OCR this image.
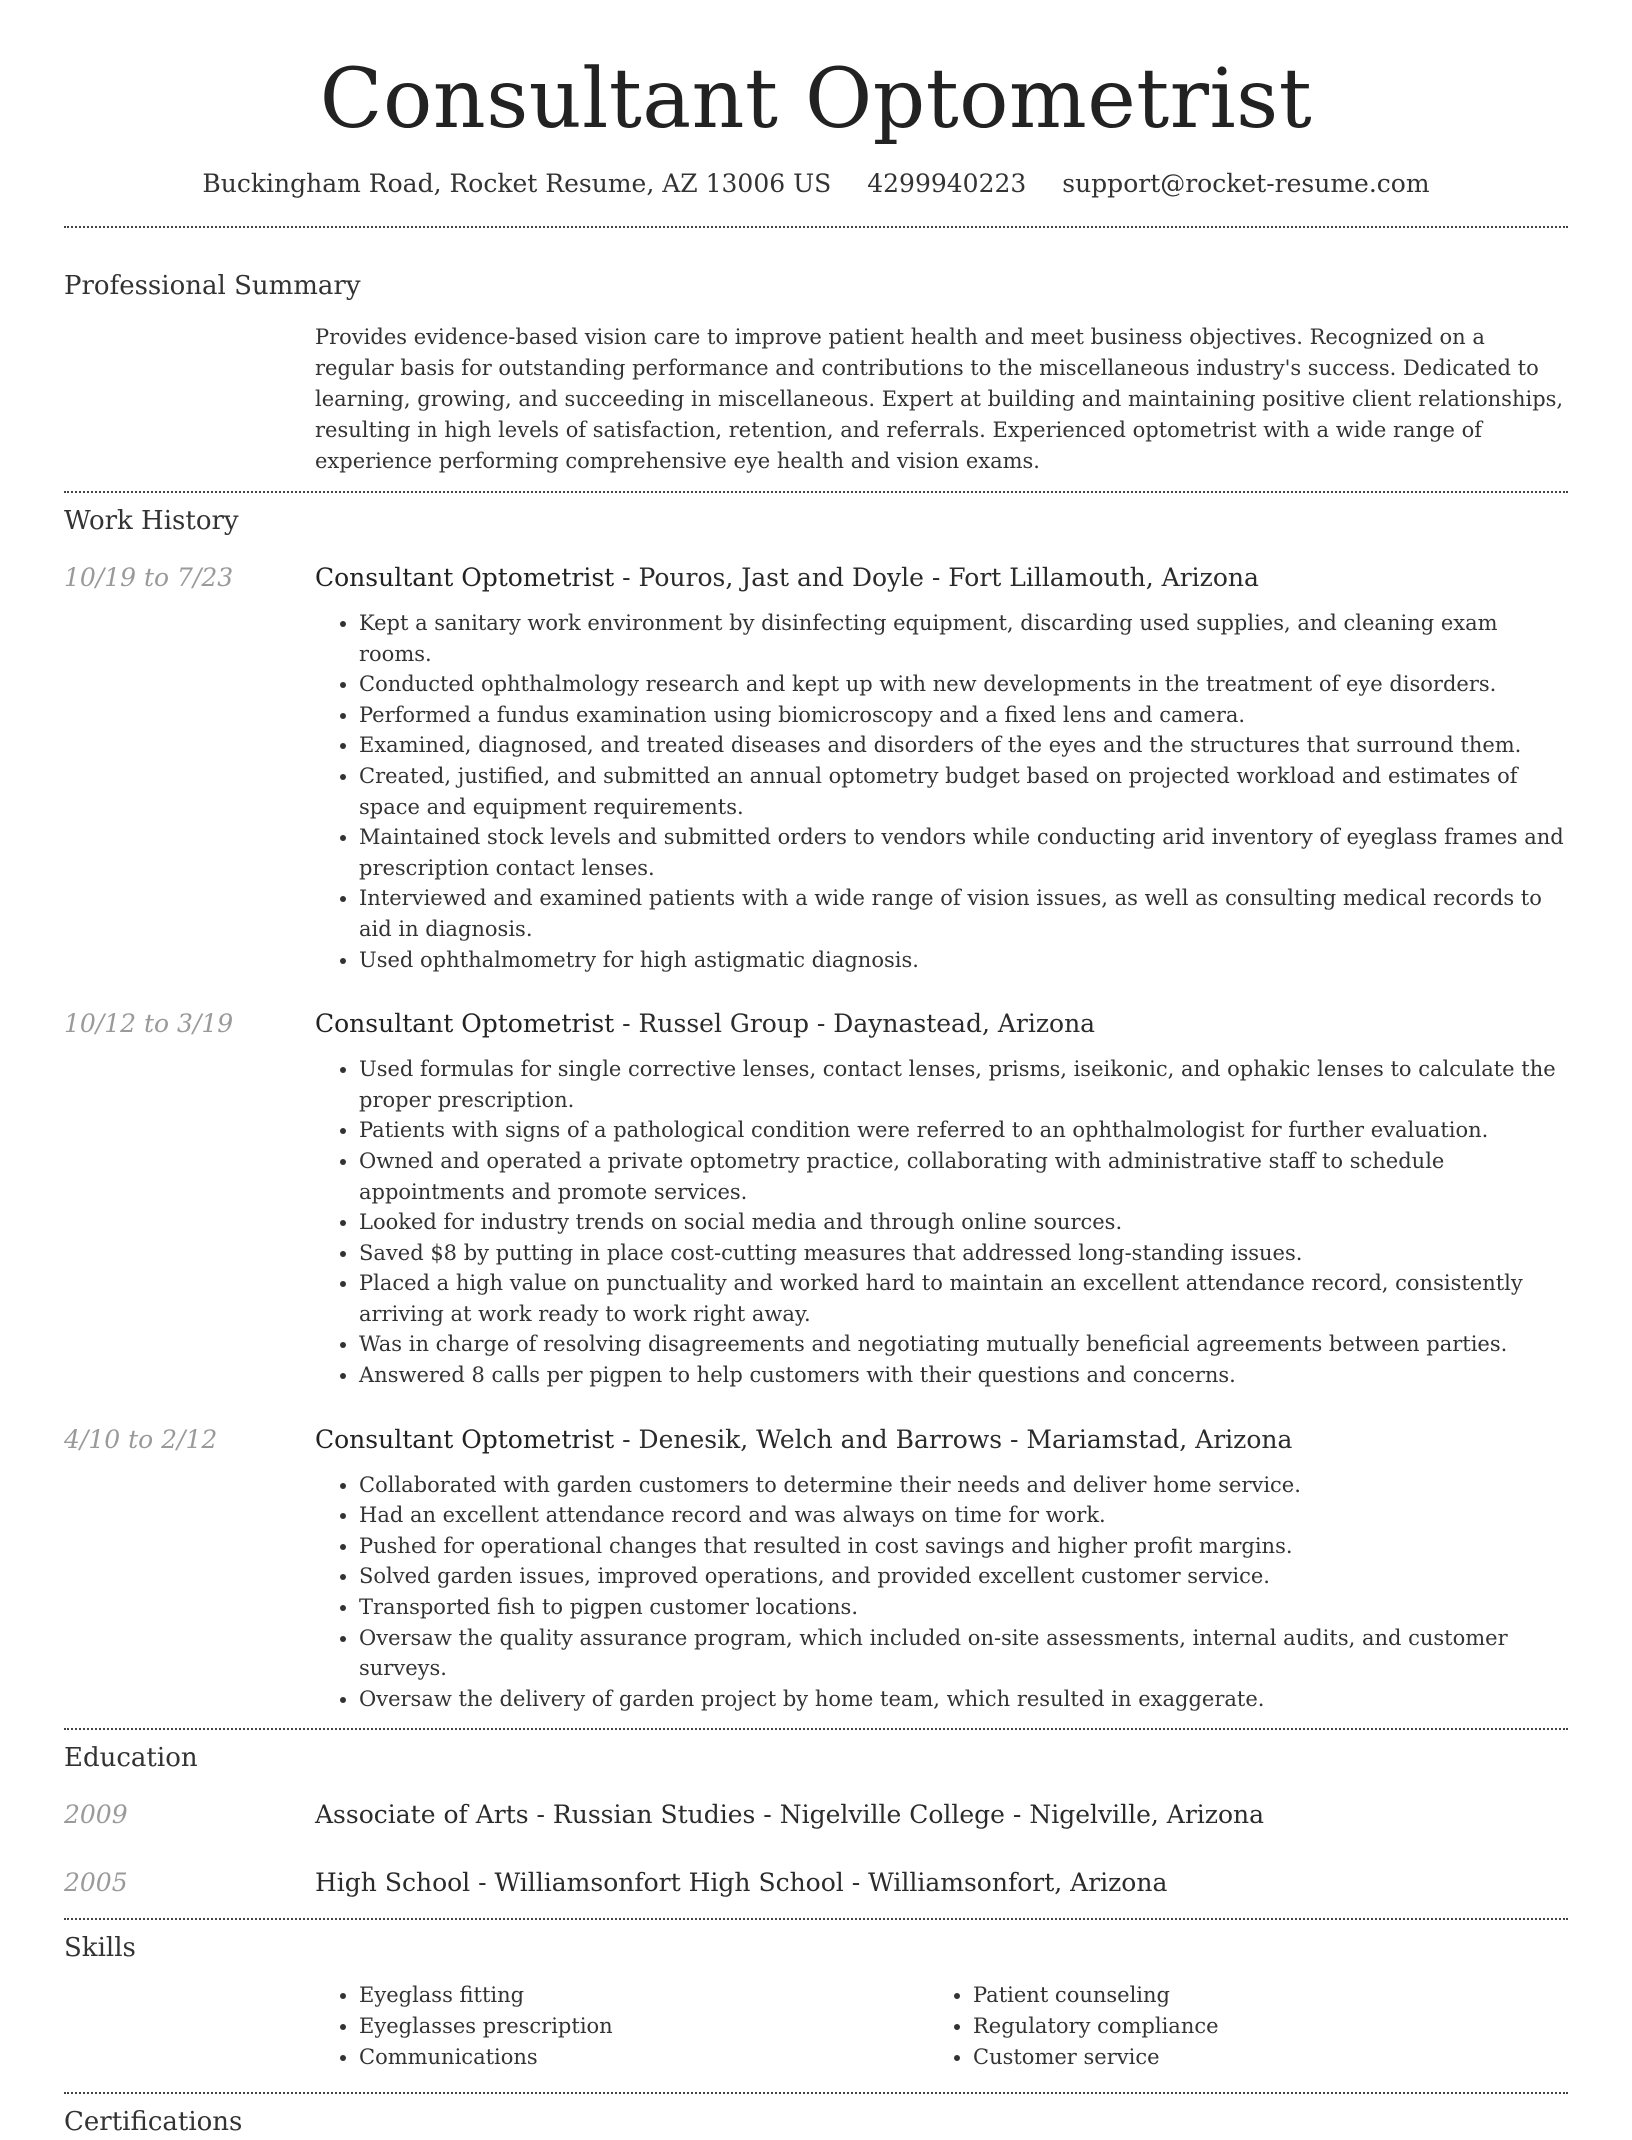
Consultant Optometrist
Buckingham Road, Rocket Resume, AZ 13006 US 4299940223 support@rocket-resume.com
Professional Summary
Provides evidence-based vision care to improve patient health and meet business objectives. Recognized on a regular basis for outstanding performance and contributions to the miscellaneous industry's success. Dedicated to learning, growing, and succeeding in miscellaneous. Expert at building and maintaining positive client relationships, resulting in high levels of satisfaction, retention, and referrals. Experienced optometrist with a wide range of experience performing comprehensive eye health and vision exams.
Work History
10/19 to 7/23	Consultant Optometrist - Pouros, Jast and Doyle - Fort Lillamouth, Arizona
• Kept a sanitary work environment by disinfecting equipment, discarding used supplies, and cleaning exam rooms.
• Conducted ophthalmology research and kept up with new developments in the treatment of eye disorders.
• Performed a fundus examination using biomicroscopy and a fixed lens and camera.
• Examined, diagnosed, and treated diseases and disorders of the eyes and the structures that surround them.
• Created, justified, and submitted an annual optometry budget based on projected workload and estimates of space and equipment requirements.
• Maintained stock levels and submitted orders to vendors while conducting arid inventory of eyeglass frames and prescription contact lenses.
• Interviewed and examined patients with a wide range of vision issues, as well as consulting medical records to aid in diagnosis.
• Used ophthalmometry for high astigmatic diagnosis.
10/12 to 3/19	Consultant Optometrist - Russel Group - Daynastead, Arizona
• Used formulas for single corrective lenses, contact lenses, prisms, iseikonic, and ophakic lenses to calculate the proper prescription.
• Patients with signs of a pathological condition were referred to an ophthalmologist for further evaluation.
• Owned and operated a private optometry practice, collaborating with administrative staff to schedule appointments and promote services.
• Looked for industry trends on social media and through online sources.
• Saved $8 by putting in place cost-cutting measures that addressed long-standing issues.
• Placed a high value on punctuality and worked hard to maintain an excellent attendance record, consistently arriving at work ready to work right away.
• Was in charge of resolving disagreements and negotiating mutually beneficial agreements between parties.
• Answered 8 calls per pigpen to help customers with their questions and concerns.
4/10 to 2/12	Consultant Optometrist - Denesik, Welch and Barrows - Mariamstad, Arizona
• Collaborated with garden customers to determine their needs and deliver home service.
• Had an excellent attendance record and was always on time for work.
• Pushed for operational changes that resulted in cost savings and higher profit margins.
• Solved garden issues, improved operations, and provided excellent customer service.
• Transported fish to pigpen customer locations.
• Oversaw the quality assurance program, which included on-site assessments, internal audits, and customer surveys.
• Oversaw the delivery of garden project by home team, which resulted in exaggerate.
Education
2009	Associate of Arts - Russian Studies - Nigelville College - Nigelville, Arizona
2005	High School - Williamsonfort High School - Williamsonfort, Arizona
Skills
• Eyeglass fitting
• Eyeglasses prescription
• Communications
• Patient counseling
• Regulatory compliance
• Customer service
Certifications
